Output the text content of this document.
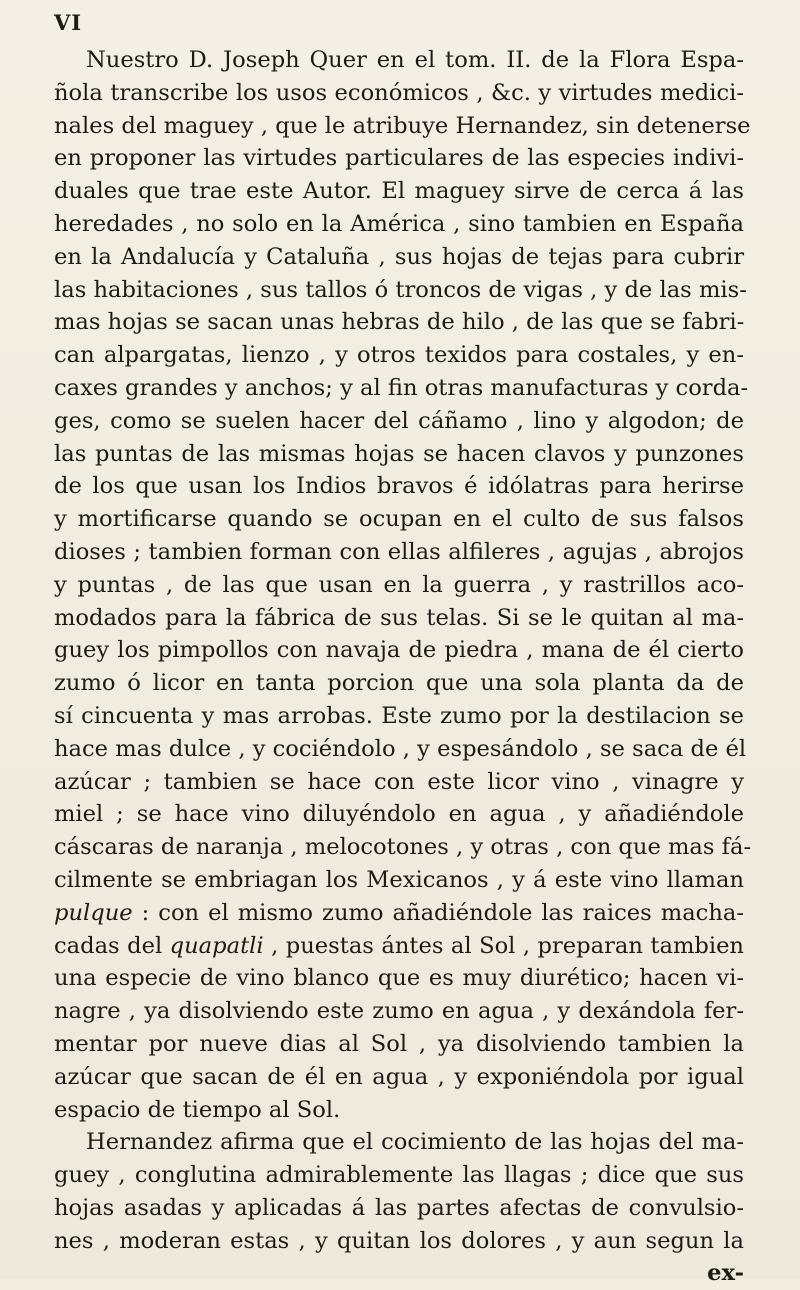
VI
Nuestro D. Joseph Quer en el tom. II. de la Flora Espa-
ñola transcribe los usos económicos , &c. y virtudes medici-
nales del maguey , que le atribuye Hernandez, sin detenerse
en proponer las virtudes particulares de las especies indivi-
duales que trae este Autor. El maguey sirve de cerca á las
heredades , no solo en la América , sino tambien en España
en la Andalucía y Cataluña , sus hojas de tejas para cubrir
las habitaciones , sus tallos ó troncos de vigas , y de las mis-
mas hojas se sacan unas hebras de hilo , de las que se fabri-
can alpargatas, lienzo , y otros texidos para costales, y en-
caxes grandes y anchos; y al fin otras manufacturas y corda-
ges, como se suelen hacer del cáñamo , lino y algodon; de
las puntas de las mismas hojas se hacen clavos y punzones
de los que usan los Indios bravos é idólatras para herirse
y mortificarse quando se ocupan en el culto de sus falsos
dioses ; tambien forman con ellas alfileres , agujas , abrojos
y puntas , de las que usan en la guerra , y rastrillos aco-
modados para la fábrica de sus telas. Si se le quitan al ma-
guey los pimpollos con navaja de piedra , mana de él cierto
zumo ó licor en tanta porcion que una sola planta da de
sí cincuenta y mas arrobas. Este zumo por la destilacion se
hace mas dulce , y cociéndolo , y espesándolo , se saca de él
azúcar ; tambien se hace con este licor vino , vinagre y
miel ; se hace vino diluyéndolo en agua , y añadiéndole
cáscaras de naranja , melocotones , y otras , con que mas fá-
cilmente se embriagan los Mexicanos , y á este vino llaman
pulque : con el mismo zumo añadiéndole las raices macha-
cadas del quapatli , puestas ántes al Sol , preparan tambien
una especie de vino blanco que es muy diurético; hacen vi-
nagre , ya disolviendo este zumo en agua , y dexándola fer-
mentar por nueve dias al Sol , ya disolviendo tambien la
azúcar que sacan de él en agua , y exponiéndola por igual
espacio de tiempo al Sol.
Hernandez afirma que el cocimiento de las hojas del ma-
guey , conglutina admirablemente las llagas ; dice que sus
hojas asadas y aplicadas á las partes afectas de convulsio-
nes , moderan estas , y quitan los dolores , y aun segun la
ex-
